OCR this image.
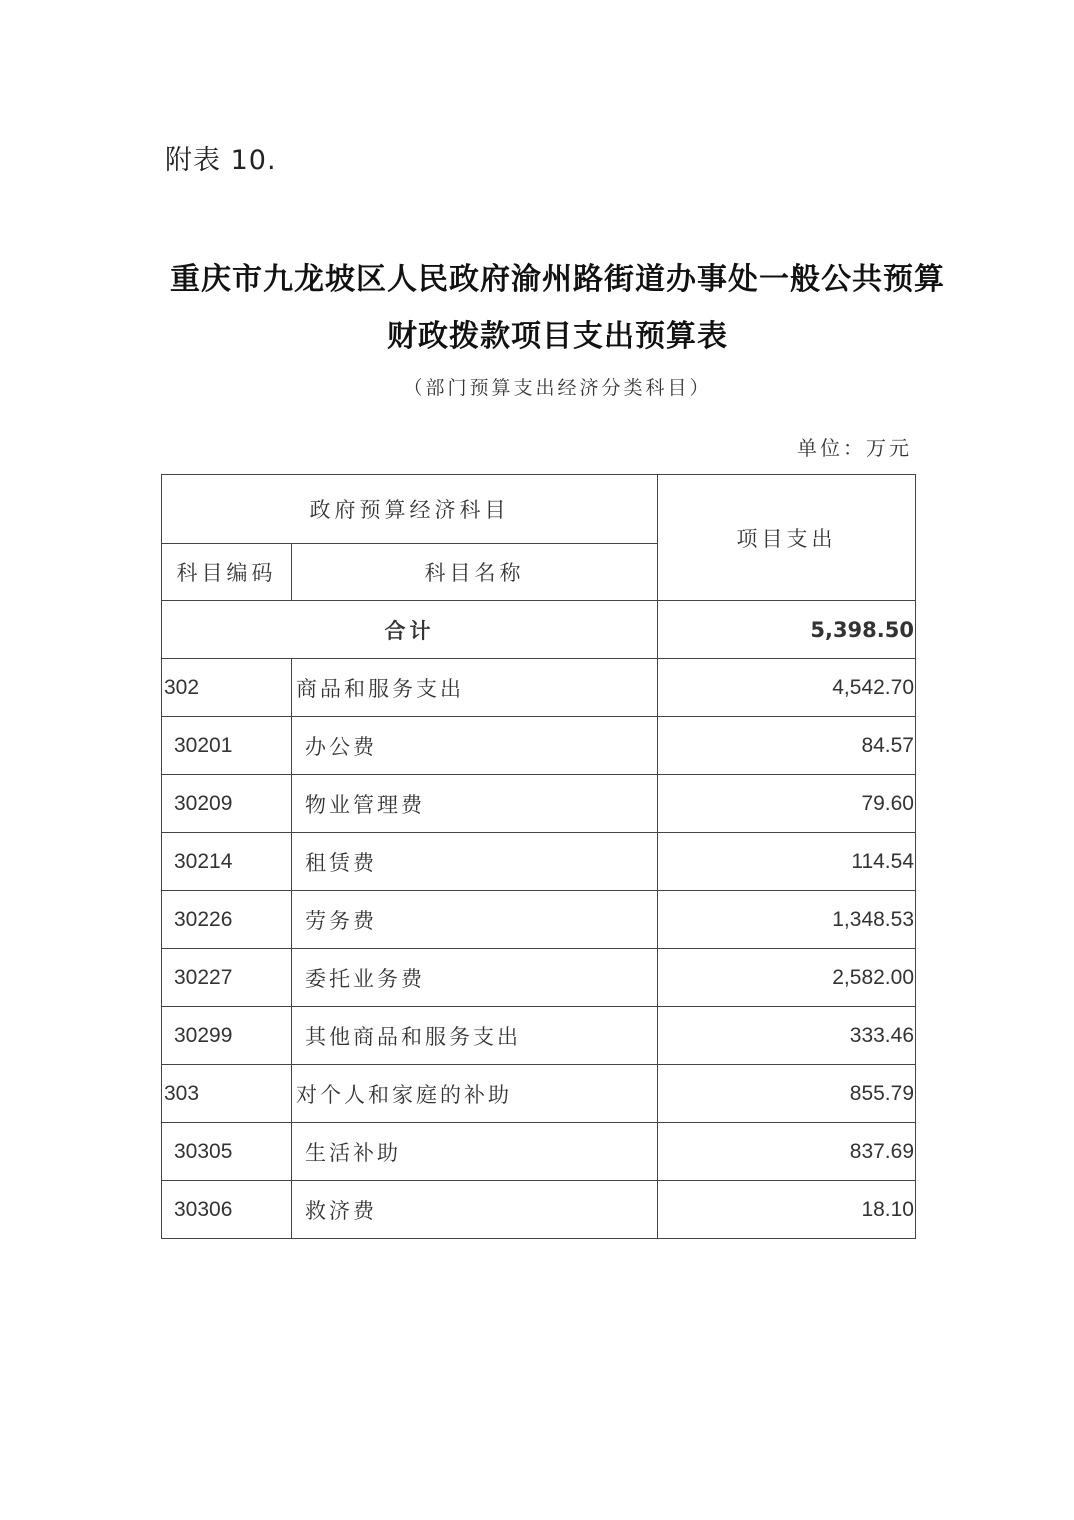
附表 10.
重庆市九龙坡区人民政府渝州路街道办事处一般公共预算
财政拨款项目支出预算表
（部门预算支出经济分类科目）
单位：万元
政府预算经济科目		项目支出
科目编码	科目名称	
合计		5,398.50
302	商品和服务支出	4,542.70
30201	办公费	84.57
30209	物业管理费	79.60
30214	租赁费	114.54
30226	劳务费	1,348.53
30227	委托业务费	2,582.00
30299	其他商品和服务支出	333.46
303	对个人和家庭的补助	855.79
30305	生活补助	837.69
30306	救济费	18.10
